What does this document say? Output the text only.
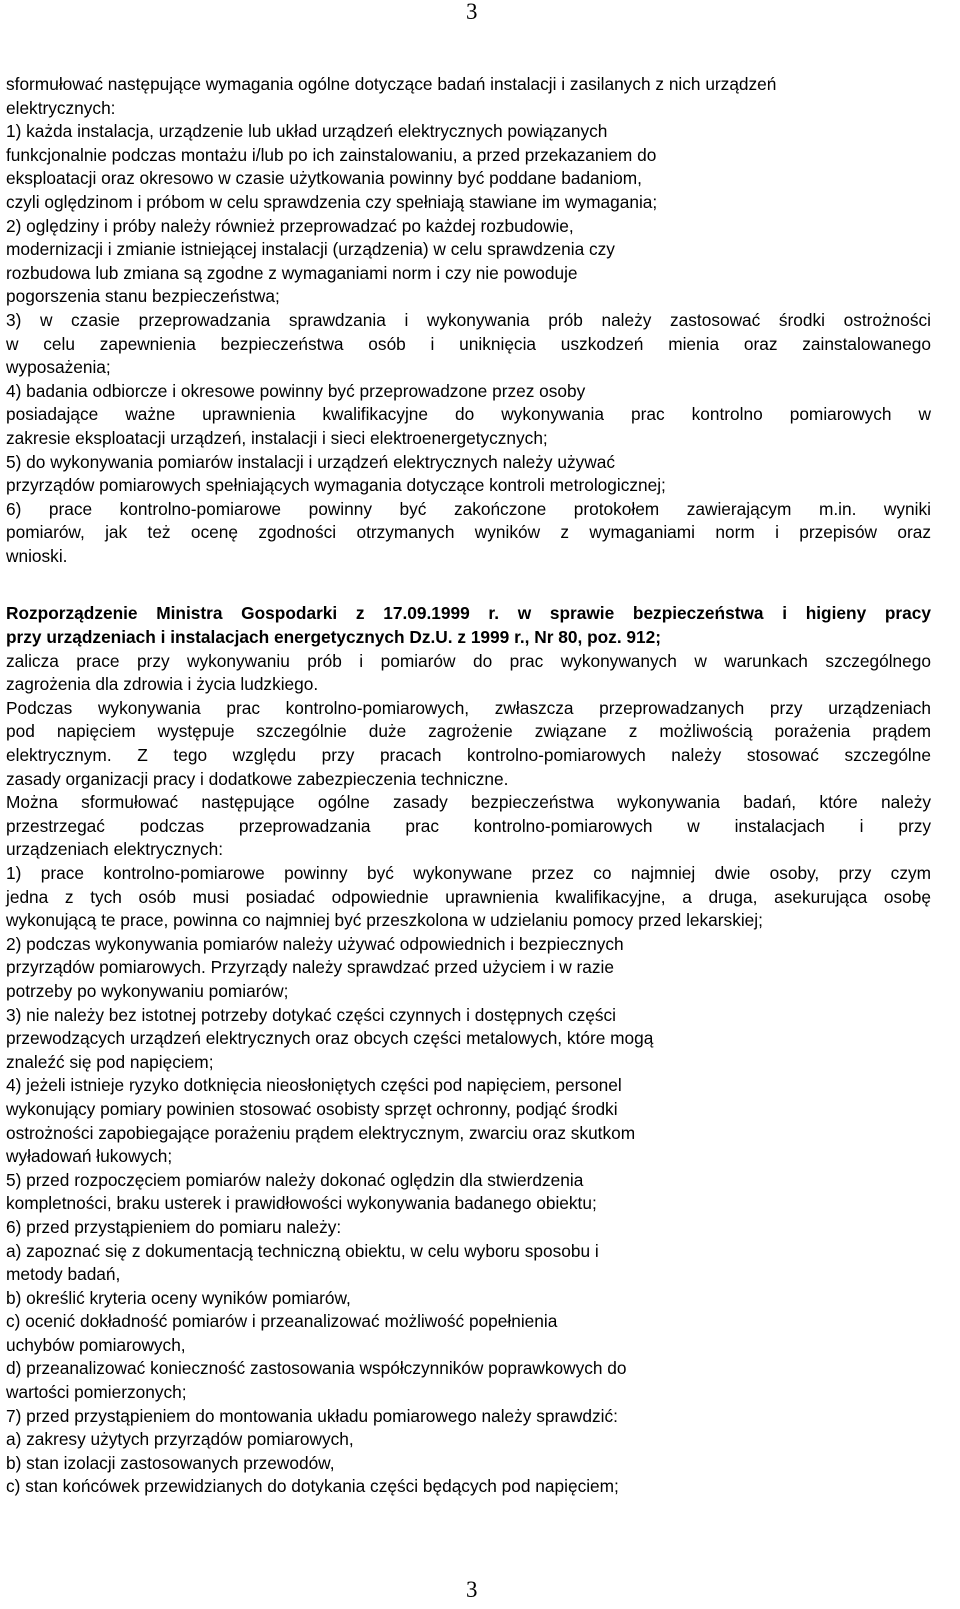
3
sformułować następujące wymagania ogólne dotyczące badań instalacji i zasilanych z nich urządzeń
elektrycznych:
1) każda instalacja, urządzenie lub układ urządzeń elektrycznych powiązanych
funkcjonalnie podczas montażu i/lub po ich zainstalowaniu, a przed przekazaniem do
eksploatacji oraz okresowo w czasie użytkowania powinny być poddane badaniom,
czyli oględzinom i próbom w celu sprawdzenia czy spełniają stawiane im wymagania;
2) oględziny i próby należy również przeprowadzać po każdej rozbudowie,
modernizacji i zmianie istniejącej instalacji (urządzenia) w celu sprawdzenia czy
rozbudowa lub zmiana są zgodne z wymaganiami norm i czy nie powoduje
pogorszenia stanu bezpieczeństwa;
3) w czasie przeprowadzania sprawdzania i wykonywania prób należy zastosować środki ostrożności
w celu zapewnienia bezpieczeństwa osób i uniknięcia uszkodzeń mienia oraz zainstalowanego
wyposażenia;
4) badania odbiorcze i okresowe powinny być przeprowadzone przez osoby
posiadające ważne uprawnienia kwalifikacyjne do wykonywania prac kontrolno pomiarowych w
zakresie eksploatacji urządzeń, instalacji i sieci elektroenergetycznych;
5) do wykonywania pomiarów instalacji i urządzeń elektrycznych należy używać
przyrządów pomiarowych spełniających wymagania dotyczące kontroli metrologicznej;
6) prace kontrolno-pomiarowe powinny być zakończone protokołem zawierającym m.in. wyniki
pomiarów, jak też ocenę zgodności otrzymanych wyników z wymaganiami norm i przepisów oraz
wnioski.
Rozporządzenie Ministra Gospodarki z 17.09.1999 r. w sprawie bezpieczeństwa i higieny pracy
przy urządzeniach i instalacjach energetycznych Dz.U. z 1999 r., Nr 80, poz. 912;
zalicza prace przy wykonywaniu prób i pomiarów do prac wykonywanych w warunkach szczególnego
zagrożenia dla zdrowia i życia ludzkiego.
Podczas wykonywania prac kontrolno-pomiarowych, zwłaszcza przeprowadzanych przy urządzeniach
pod napięciem występuje szczególnie duże zagrożenie związane z możliwością porażenia prądem
elektrycznym. Z tego względu przy pracach kontrolno-pomiarowych należy stosować szczególne
zasady organizacji pracy i dodatkowe zabezpieczenia techniczne.
Można sformułować następujące ogólne zasady bezpieczeństwa wykonywania badań, które należy
przestrzegać podczas przeprowadzania prac kontrolno-pomiarowych w instalacjach i przy
urządzeniach elektrycznych:
1) prace kontrolno-pomiarowe powinny być wykonywane przez co najmniej dwie osoby, przy czym
jedna z tych osób musi posiadać odpowiednie uprawnienia kwalifikacyjne, a druga, asekurująca osobę
wykonującą te prace, powinna co najmniej być przeszkolona w udzielaniu pomocy przed lekarskiej;
2) podczas wykonywania pomiarów należy używać odpowiednich i bezpiecznych
przyrządów pomiarowych. Przyrządy należy sprawdzać przed użyciem i w razie
potrzeby po wykonywaniu pomiarów;
3) nie należy bez istotnej potrzeby dotykać części czynnych i dostępnych części
przewodzących urządzeń elektrycznych oraz obcych części metalowych, które mogą
znaleźć się pod napięciem;
4) jeżeli istnieje ryzyko dotknięcia nieosłoniętych części pod napięciem, personel
wykonujący pomiary powinien stosować osobisty sprzęt ochronny, podjąć środki
ostrożności zapobiegające porażeniu prądem elektrycznym, zwarciu oraz skutkom
wyładowań łukowych;
5) przed rozpoczęciem pomiarów należy dokonać oględzin dla stwierdzenia
kompletności, braku usterek i prawidłowości wykonywania badanego obiektu;
6) przed przystąpieniem do pomiaru należy:
a) zapoznać się z dokumentacją techniczną obiektu, w celu wyboru sposobu i
metody badań,
b) określić kryteria oceny wyników pomiarów,
c) ocenić dokładność pomiarów i przeanalizować możliwość popełnienia
uchybów pomiarowych,
d) przeanalizować konieczność zastosowania współczynników poprawkowych do
wartości pomierzonych;
7) przed przystąpieniem do montowania układu pomiarowego należy sprawdzić:
a) zakresy użytych przyrządów pomiarowych,
b) stan izolacji zastosowanych przewodów,
c) stan końcówek przewidzianych do dotykania części będących pod napięciem;
3
